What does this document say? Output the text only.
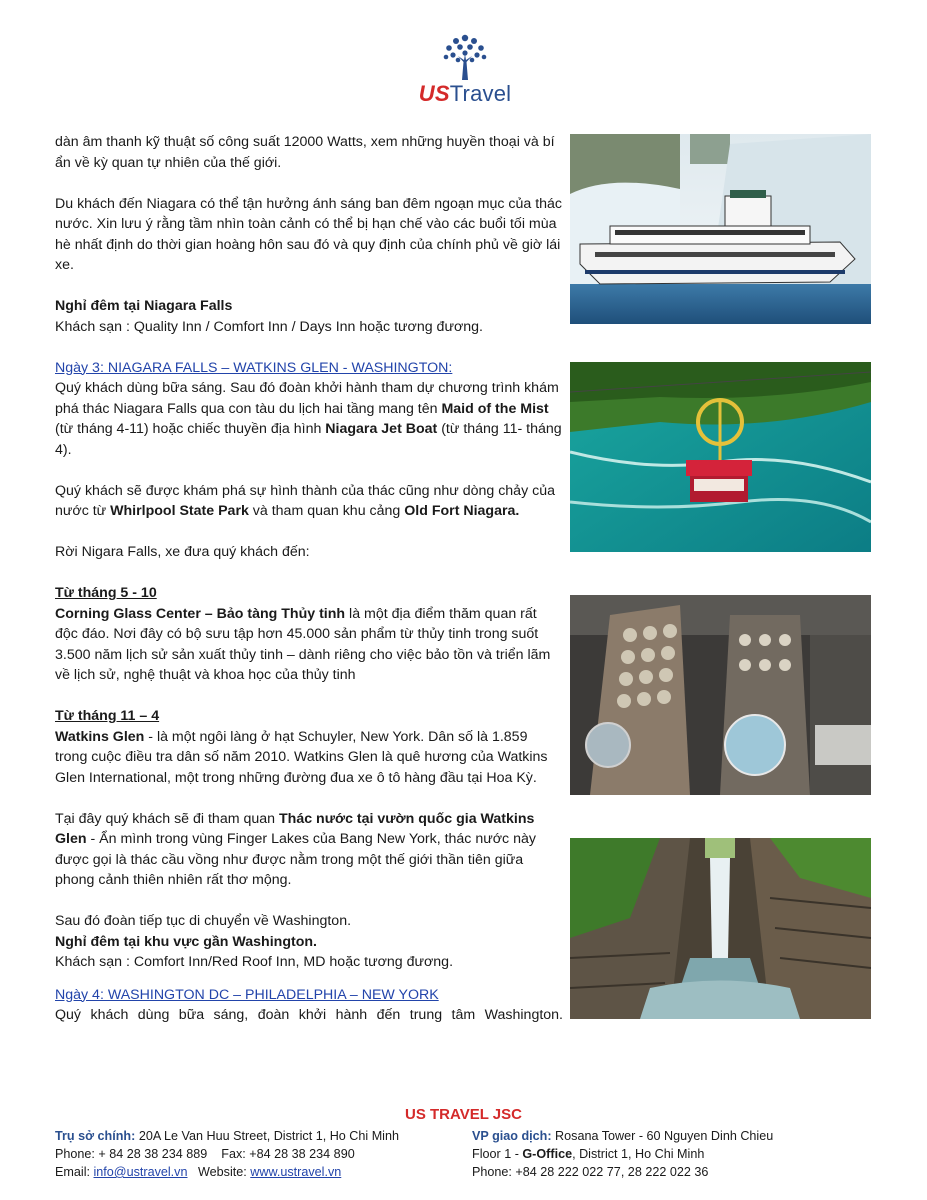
USTravel

dàn âm thanh kỹ thuật số công suất 12000 Watts, xem những huyền thoại và bí ẩn về kỳ quan tự nhiên của thế giới.

Du khách đến Niagara có thể tận hưởng ánh sáng ban đêm ngoạn mục của thác nước. Xin lưu ý rằng tầm nhìn toàn cảnh có thể bị hạn chế vào các buổi tối mùa hè nhất định do thời gian hoàng hôn sau đó và quy định của chính phủ về giờ lái xe.

Nghỉ đêm tại Niagara Falls

Khách sạn : Quality Inn / Comfort Inn / Days Inn hoặc tương đương.

Ngày 3: NIAGARA FALLS – WATKINS GLEN - WASHINGTON:

Quý khách dùng bữa sáng. Sau đó đoàn khởi hành tham dự chương trình khám phá thác Niagara Falls qua con tàu du lịch hai tầng mang tên Maid of the Mist (từ tháng 4-11) hoặc chiếc thuyền địa hình Niagara Jet Boat (từ tháng 11- tháng 4).

Quý khách sẽ được khám phá sự hình thành của thác cũng như dòng chảy của nước từ Whirlpool State Park và tham quan khu cảng Old Fort Niagara.

Rời Nigara Falls, xe đưa quý khách đến:

Từ tháng 5 - 10

Corning Glass Center – Bảo tàng Thủy tinh là một địa điểm thăm quan rất độc đáo. Nơi đây có bộ sưu tập hơn 45.000 sản phẩm từ thủy tinh trong suốt 3.500 năm lịch sử sản xuất thủy tinh – dành riêng cho việc bảo tồn và triển lãm về lịch sử, nghệ thuật và khoa học của thủy tinh

Từ tháng 11 – 4

Watkins Glen - là một ngôi làng ở hạt Schuyler, New York. Dân số là 1.859 trong cuộc điều tra dân số năm 2010. Watkins Glen là quê hương của Watkins Glen International, một trong những đường đua xe ô tô hàng đầu tại Hoa Kỳ.

Tại đây quý khách sẽ đi tham quan Thác nước tại vườn quốc gia Watkins Glen - Ẩn mình trong vùng Finger Lakes của Bang New York, thác nước này được gọi là thác cầu vồng như được nằm trong một thế giới thần tiên giữa phong cảnh thiên nhiên rất thơ mộng.

Sau đó đoàn tiếp tục di chuyển về Washington.

Nghỉ đêm tại khu vực gần Washington.

Khách sạn : Comfort Inn/Red Roof Inn, MD hoặc tương đương.

Ngày 4: WASHINGTON DC – PHILADELPHIA – NEW YORK

Quý khách dùng bữa sáng, đoàn khởi hành đến trung tâm Washington.

US TRAVEL JSC
Trụ sở chính: 20A Le Van Huu Street, District 1, Ho Chi Minh
Phone: + 84 28 38 234 889    Fax: +84 28 38 234 890
Email: info@ustravel.vn   Website: www.ustravel.vn
VP giao dịch: Rosana Tower - 60 Nguyen Dinh Chieu
Floor 1 - G-Office, District 1, Ho Chi Minh
Phone: +84 28 222 022 77, 28 222 022 36
